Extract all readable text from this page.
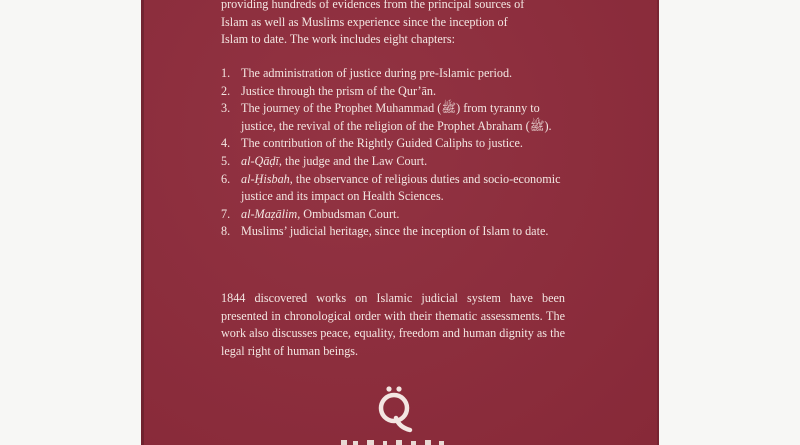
providing hundreds of evidences from the principal sources of
Islam as well as Muslims experience since the inception of
Islam to date. The work includes eight chapters:
1. The administration of justice during pre-Islamic period.
2. Justice through the prism of the Qur’ān.
3. The journey of the Prophet Muhammad (ﷺ) from tyranny to justice, the revival of the religion of the Prophet Abraham (ﷺ).
4. The contribution of the Rightly Guided Caliphs to justice.
5. al-Qāḍī, the judge and the Law Court.
6. al-Ḥisbah, the observance of religious duties and socio-economic justice and its impact on Health Sciences.
7. al-Maẓālim, Ombudsman Court.
8. Muslims’ judicial heritage, since the inception of Islam to date.

1844 discovered works on Islamic judicial system have been presented in chronological order with their thematic assessments. The work also discusses peace, equality, freedom and human dignity as the legal right of human beings.
